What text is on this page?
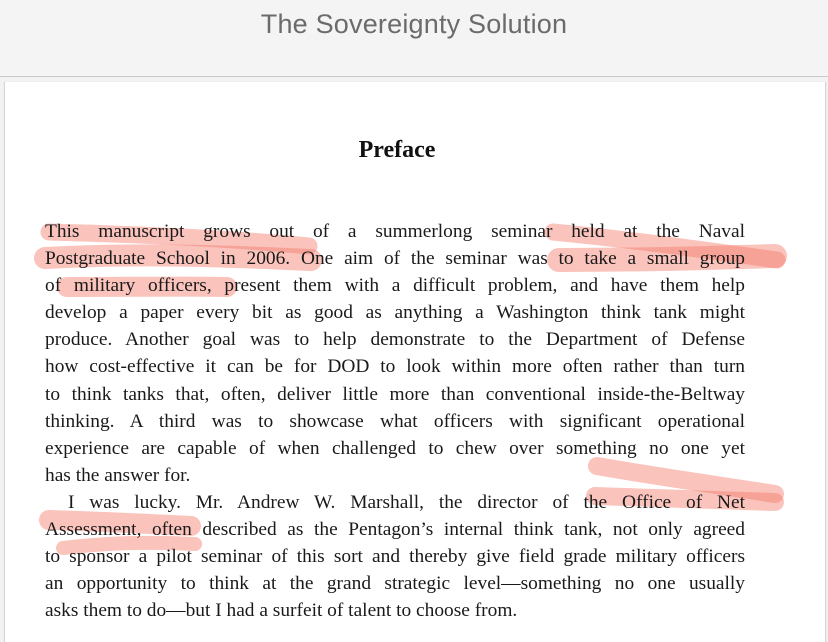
The Sovereignty Solution
Preface
This manuscript grows out of a summerlong seminar held at the Naval
Postgraduate School in 2006. One aim of the seminar was to take a small group
of military officers, present them with a difficult problem, and have them help
develop a paper every bit as good as anything a Washington think tank might
produce. Another goal was to help demonstrate to the Department of Defense
how cost-effective it can be for DOD to look within more often rather than turn
to think tanks that, often, deliver little more than conventional inside-the-Beltway
thinking. A third was to showcase what officers with significant operational
experience are capable of when challenged to chew over something no one yet
has the answer for.
I was lucky. Mr. Andrew W. Marshall, the director of the Office of Net
Assessment, often described as the Pentagon’s internal think tank, not only agreed
to sponsor a pilot seminar of this sort and thereby give field grade military officers
an opportunity to think at the grand strategic level—something no one usually
asks them to do—but I had a surfeit of talent to choose from.
